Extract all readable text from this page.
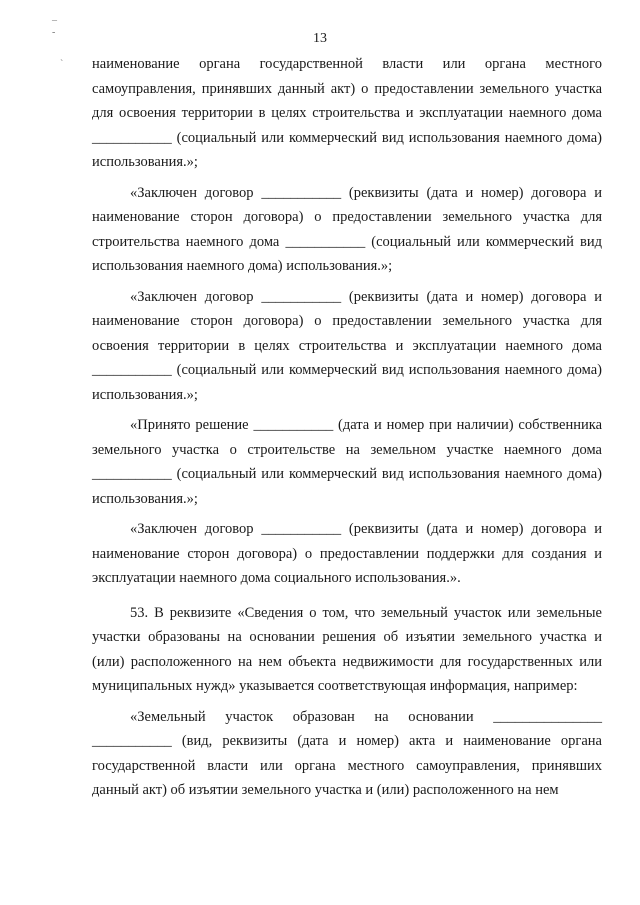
–
-
`
13

наименование органа государственной власти или органа местного самоуправления, принявших данный акт) о предоставлении земельного участка для освоения территории в целях строительства и эксплуатации наемного дома ___________ (социальный или коммерческий вид использования наемного дома) использования.»;

«Заключен договор ___________ (реквизиты (дата и номер) договора и наименование сторон договора) о предоставлении земельного участка для строительства наемного дома ___________ (социальный или коммерческий вид использования наемного дома) использования.»;

«Заключен договор ___________ (реквизиты (дата и номер) договора и наименование сторон договора) о предоставлении земельного участка для освоения территории в целях строительства и эксплуатации наемного дома ___________ (социальный или коммерческий вид использования наемного дома) использования.»;

«Принято решение ___________ (дата и номер при наличии) собственника земельного участка о строительстве на земельном участке наемного дома ___________ (социальный или коммерческий вид использования наемного дома) использования.»;

«Заключен договор ___________ (реквизиты (дата и номер) договора и наименование сторон договора) о предоставлении поддержки для создания и эксплуатации наемного дома социального использования.».

53. В реквизите «Сведения о том, что земельный участок или земельные участки образованы на основании решения об изъятии земельного участка и (или) расположенного на нем объекта недвижимости для государственных или муниципальных нужд» указывается соответствующая информация, например:

«Земельный участок образован на основании _______________ ___________ (вид, реквизиты (дата и номер) акта и наименование органа государственной власти или органа местного самоуправления, принявших данный акт) об изъятии земельного участка и (или) расположенного на нем
